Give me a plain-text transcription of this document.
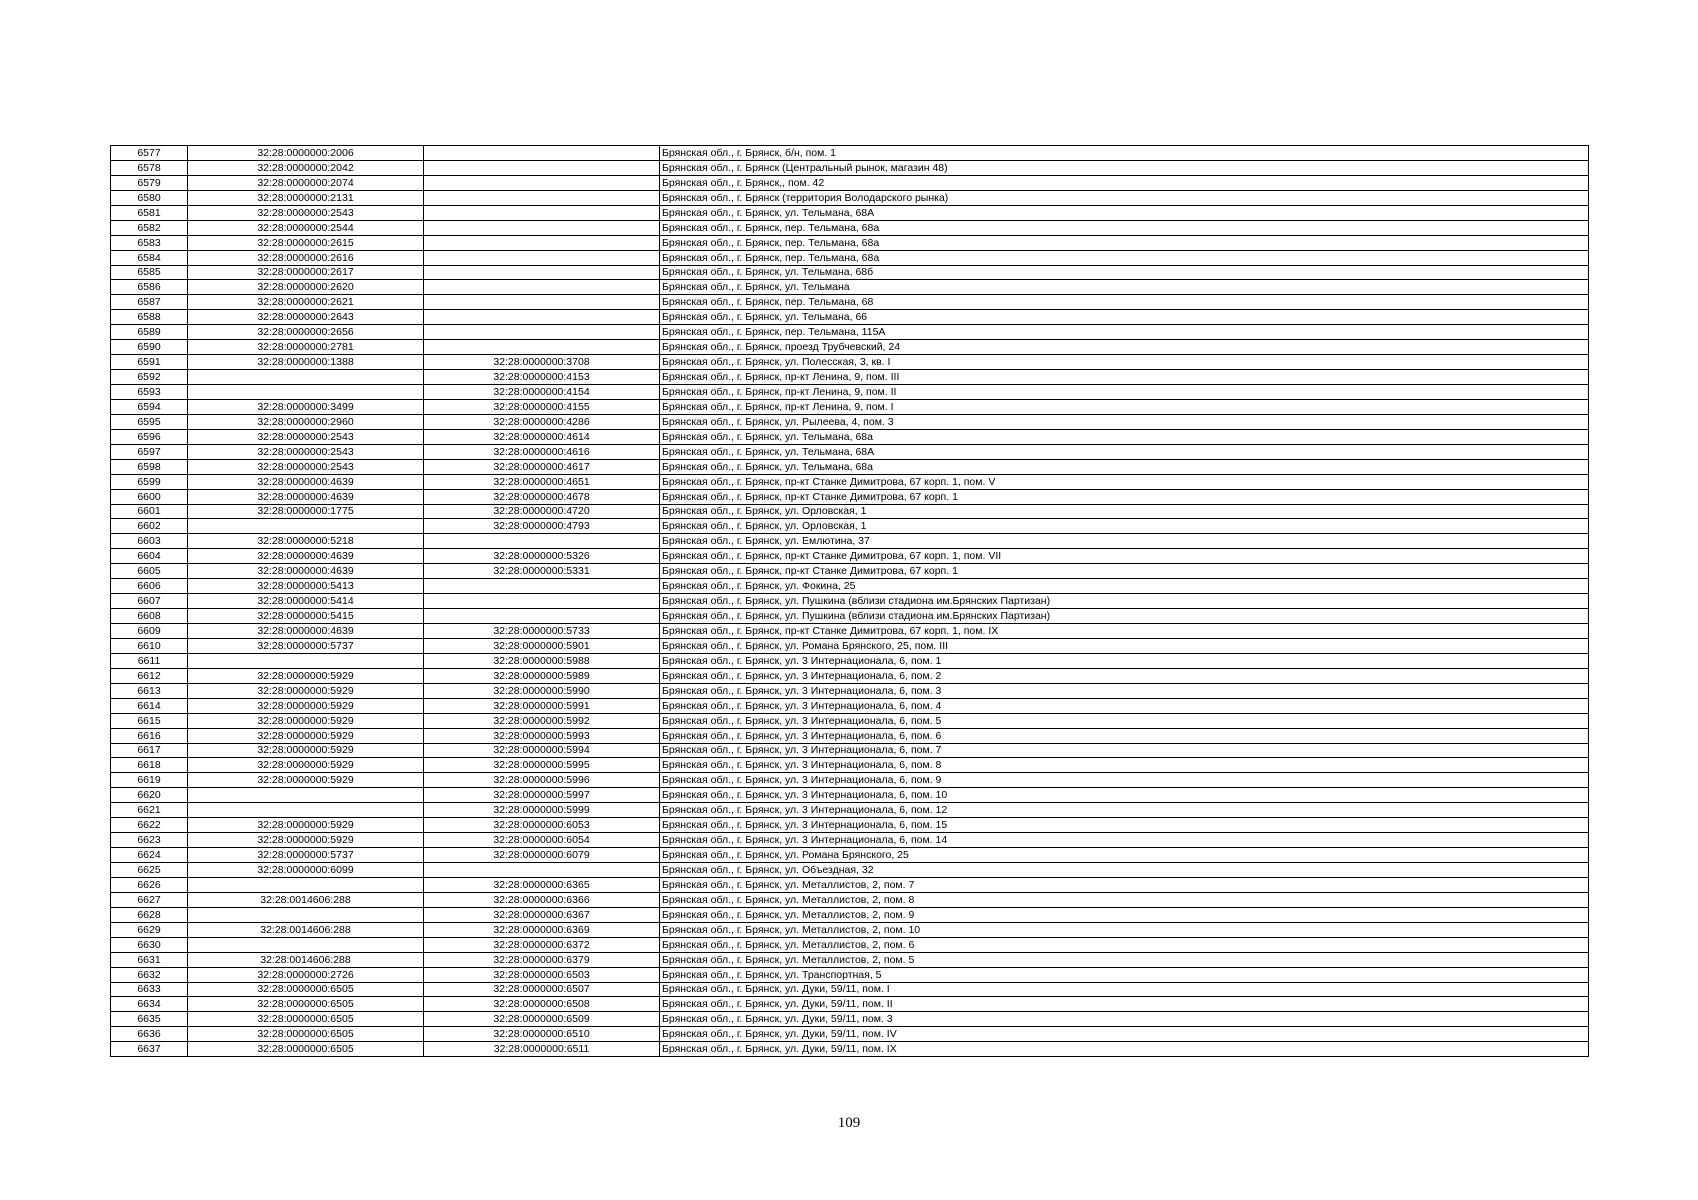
6577	32:28:0000000:2006		Брянская обл., г. Брянск, б/н, пом. 1
6578	32:28:0000000:2042		Брянская обл., г. Брянск (Центральный рынок, магазин 48)
6579	32:28:0000000:2074		Брянская обл., г. Брянск,, пом. 42
6580	32:28:0000000:2131		Брянская обл., г. Брянск (территория Володарского рынка)
6581	32:28:0000000:2543		Брянская обл., г. Брянск, ул. Тельмана, 68А
6582	32:28:0000000:2544		Брянская обл., г. Брянск, пер. Тельмана, 68а
6583	32:28:0000000:2615		Брянская обл., г. Брянск, пер. Тельмана, 68а
6584	32:28:0000000:2616		Брянская обл., г. Брянск, пер. Тельмана, 68а
6585	32:28:0000000:2617		Брянская обл., г. Брянск, ул. Тельмана, 68б
6586	32:28:0000000:2620		Брянская обл., г. Брянск, ул. Тельмана
6587	32:28:0000000:2621		Брянская обл., г. Брянск, пер. Тельмана, 68
6588	32:28:0000000:2643		Брянская обл., г. Брянск, ул. Тельмана, 66
6589	32:28:0000000:2656		Брянская обл., г. Брянск, пер. Тельмана, 115А
6590	32:28:0000000:2781		Брянская обл., г. Брянск, проезд Трубчевский, 24
6591	32:28:0000000:1388	32:28:0000000:3708	Брянская обл., г. Брянск, ул. Полесская, 3, кв. I
6592		32:28:0000000:4153	Брянская обл., г. Брянск, пр-кт Ленина, 9, пом. III
6593		32:28:0000000:4154	Брянская обл., г. Брянск, пр-кт Ленина, 9, пом. II
6594	32:28:0000000:3499	32:28:0000000:4155	Брянская обл., г. Брянск, пр-кт Ленина, 9, пом. I
6595	32:28:0000000:2960	32:28:0000000:4286	Брянская обл., г. Брянск, ул. Рылеева, 4, пом. 3
6596	32:28:0000000:2543	32:28:0000000:4614	Брянская обл., г. Брянск, ул. Тельмана, 68а
6597	32:28:0000000:2543	32:28:0000000:4616	Брянская обл., г. Брянск, ул. Тельмана, 68А
6598	32:28:0000000:2543	32:28:0000000:4617	Брянская обл., г. Брянск, ул. Тельмана, 68а
6599	32:28:0000000:4639	32:28:0000000:4651	Брянская обл., г. Брянск, пр-кт Станке Димитрова, 67 корп. 1, пом. V
6600	32:28:0000000:4639	32:28:0000000:4678	Брянская обл., г. Брянск, пр-кт Станке Димитрова, 67 корп. 1
6601	32:28:0000000:1775	32:28:0000000:4720	Брянская обл., г. Брянск, ул. Орловская, 1
6602		32:28:0000000:4793	Брянская обл., г. Брянск, ул. Орловская, 1
6603	32:28:0000000:5218		Брянская обл., г. Брянск, ул. Емлютина, 37
6604	32:28:0000000:4639	32:28:0000000:5326	Брянская обл., г. Брянск, пр-кт Станке Димитрова, 67 корп. 1, пом. VII
6605	32:28:0000000:4639	32:28:0000000:5331	Брянская обл., г. Брянск, пр-кт Станке Димитрова, 67 корп. 1
6606	32:28:0000000:5413		Брянская обл., г. Брянск, ул. Фокина, 25
6607	32:28:0000000:5414		Брянская обл., г. Брянск, ул. Пушкина (вблизи стадиона им.Брянских Партизан)
6608	32:28:0000000:5415		Брянская обл., г. Брянск, ул. Пушкина (вблизи стадиона им.Брянских Партизан)
6609	32:28:0000000:4639	32:28:0000000:5733	Брянская обл., г. Брянск, пр-кт Станке Димитрова, 67 корп. 1, пом. IX
6610	32:28:0000000:5737	32:28:0000000:5901	Брянская обл., г. Брянск, ул. Романа Брянского, 25, пом. III
6611		32:28:0000000:5988	Брянская обл., г. Брянск, ул. 3 Интернационала, 6, пом. 1
6612	32:28:0000000:5929	32:28:0000000:5989	Брянская обл., г. Брянск, ул. 3 Интернационала, 6, пом. 2
6613	32:28:0000000:5929	32:28:0000000:5990	Брянская обл., г. Брянск, ул. 3 Интернационала, 6, пом. 3
6614	32:28:0000000:5929	32:28:0000000:5991	Брянская обл., г. Брянск, ул. 3 Интернационала, 6, пом. 4
6615	32:28:0000000:5929	32:28:0000000:5992	Брянская обл., г. Брянск, ул. 3 Интернационала, 6, пом. 5
6616	32:28:0000000:5929	32:28:0000000:5993	Брянская обл., г. Брянск, ул. 3 Интернационала, 6, пом. 6
6617	32:28:0000000:5929	32:28:0000000:5994	Брянская обл., г. Брянск, ул. 3 Интернационала, 6, пом. 7
6618	32:28:0000000:5929	32:28:0000000:5995	Брянская обл., г. Брянск, ул. 3 Интернационала, 6, пом. 8
6619	32:28:0000000:5929	32:28:0000000:5996	Брянская обл., г. Брянск, ул. 3 Интернационала, 6, пом. 9
6620		32:28:0000000:5997	Брянская обл., г. Брянск, ул. 3 Интернационала, 6, пом. 10
6621		32:28:0000000:5999	Брянская обл., г. Брянск, ул. 3 Интернационала, 6, пом. 12
6622	32:28:0000000:5929	32:28:0000000:6053	Брянская обл., г. Брянск, ул. 3 Интернационала, 6, пом. 15
6623	32:28:0000000:5929	32:28:0000000:6054	Брянская обл., г. Брянск, ул. 3 Интернационала, 6, пом. 14
6624	32:28:0000000:5737	32:28:0000000:6079	Брянская обл., г. Брянск, ул. Романа Брянского, 25
6625	32:28:0000000:6099		Брянская обл., г. Брянск, ул. Объездная, 32
6626		32:28:0000000:6365	Брянская обл., г. Брянск, ул. Металлистов, 2, пом. 7
6627	32:28:0014606:288	32:28:0000000:6366	Брянская обл., г. Брянск, ул. Металлистов, 2, пом. 8
6628		32:28:0000000:6367	Брянская обл., г. Брянск, ул. Металлистов, 2, пом. 9
6629	32:28:0014606:288	32:28:0000000:6369	Брянская обл., г. Брянск, ул. Металлистов, 2, пом. 10
6630		32:28:0000000:6372	Брянская обл., г. Брянск, ул. Металлистов, 2, пом. 6
6631	32:28:0014606:288	32:28:0000000:6379	Брянская обл., г. Брянск, ул. Металлистов, 2, пом. 5
6632	32:28:0000000:2726	32:28:0000000:6503	Брянская обл., г. Брянск, ул. Транспортная, 5
6633	32:28:0000000:6505	32:28:0000000:6507	Брянская обл., г. Брянск, ул. Дуки, 59/11, пом. I
6634	32:28:0000000:6505	32:28:0000000:6508	Брянская обл., г. Брянск, ул. Дуки, 59/11, пом. II
6635	32:28:0000000:6505	32:28:0000000:6509	Брянская обл., г. Брянск, ул. Дуки, 59/11, пом. 3
6636	32:28:0000000:6505	32:28:0000000:6510	Брянская обл., г. Брянск, ул. Дуки, 59/11, пом. IV
6637	32:28:0000000:6505	32:28:0000000:6511	Брянская обл., г. Брянск, ул. Дуки, 59/11, пом. IX
109
